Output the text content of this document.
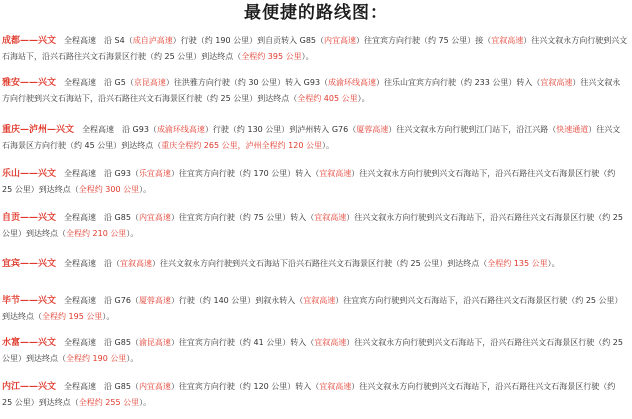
最便捷的路线图：
成都——兴文　 全程高速　沿 S4（成自泸高速）行驶（约 190 公里）到自贡转入 G85（内宜高速）往宜宾方向行驶（约 75 公里）接（宜叙高速）往兴文叙永方向行驶到兴文石海站下，沿兴石路往兴文石海景区行驶（约 25 公里）到达终点（全程约 395 公里）。
雅安——兴文　 全程高速　沿 G5（京昆高速）往洪雅方向行驶（约 30 公里）转入 G93（成渝环线高速）往乐山宜宾方向行驶（约 233 公里）转入（宜叙高速）往兴文叙永方向行驶到兴文石海站下，沿兴石路往兴文石海景区行驶（约 25 公里）到达终点（全程约 405 公里）。
重庆—泸州—兴文　 全程高速　沿 G93（成渝环线高速）行驶（约 130 公里）到泸州转入 G76（厦蓉高速）往兴文叙永方向行驶到江门站下，沿江兴路（快速通道）往兴文石海景区方向行驶（约 45 公里）到达终点（重庆全程约 265 公里，泸州全程约 120 公里）。
乐山——兴文　 全程高速　沿 G93（乐宜高速）往宜宾方向行驶（约 170 公里）转入（宜叙高速）往兴文叙永方向行驶到兴文石海站下，沿兴石路往兴文石海景区行驶（约 25 公里）到达终点（全程约 300 公里）。
自贡——兴文　 全程高速　沿 G85（内宜高速）往宜宾方向行驶（约 75 公里）转入（宜叙高速）往兴文叙永方向行驶到兴文石海站下，沿兴石路往兴文石海景区行驶（约 25 公里）到达终点（全程约 210 公里）。
宜宾——兴文　 全程高速　沿（宜叙高速）往兴文叙永方向行驶到兴文石海站下沿兴石路往兴文石海景区行驶（约 25 公里）到达终点（全程约 135 公里）。
毕节——兴文　 全程高速　沿 G76（厦蓉高速）行驶（约 140 公里）到叙永转入（宜叙高速）往宜宾方向行驶到兴文石海站下，沿兴石路往兴文石海景区行驶（约 25 公里）到达终点（全程约 195 公里）。
水富——兴文　 全程高速　沿 G85（渝昆高速）往宜宾方向行驶（约 41 公里）转入（宜叙高速）往兴文叙永方向行驶到兴文石海站下，沿兴石路往兴文石海景区行驶（约 25 公里）到达终点（全程约 190 公里）。
内江——兴文　 全程高速　沿 G85（内宜高速）往宜宾方向行驶（约 120 公里）转入（宜叙高速）往兴文叙永方向行驶到兴文石海站下，沿兴石路往兴文石海景区行驶（约 25 公里）到达终点（全程约 255 公里）。
